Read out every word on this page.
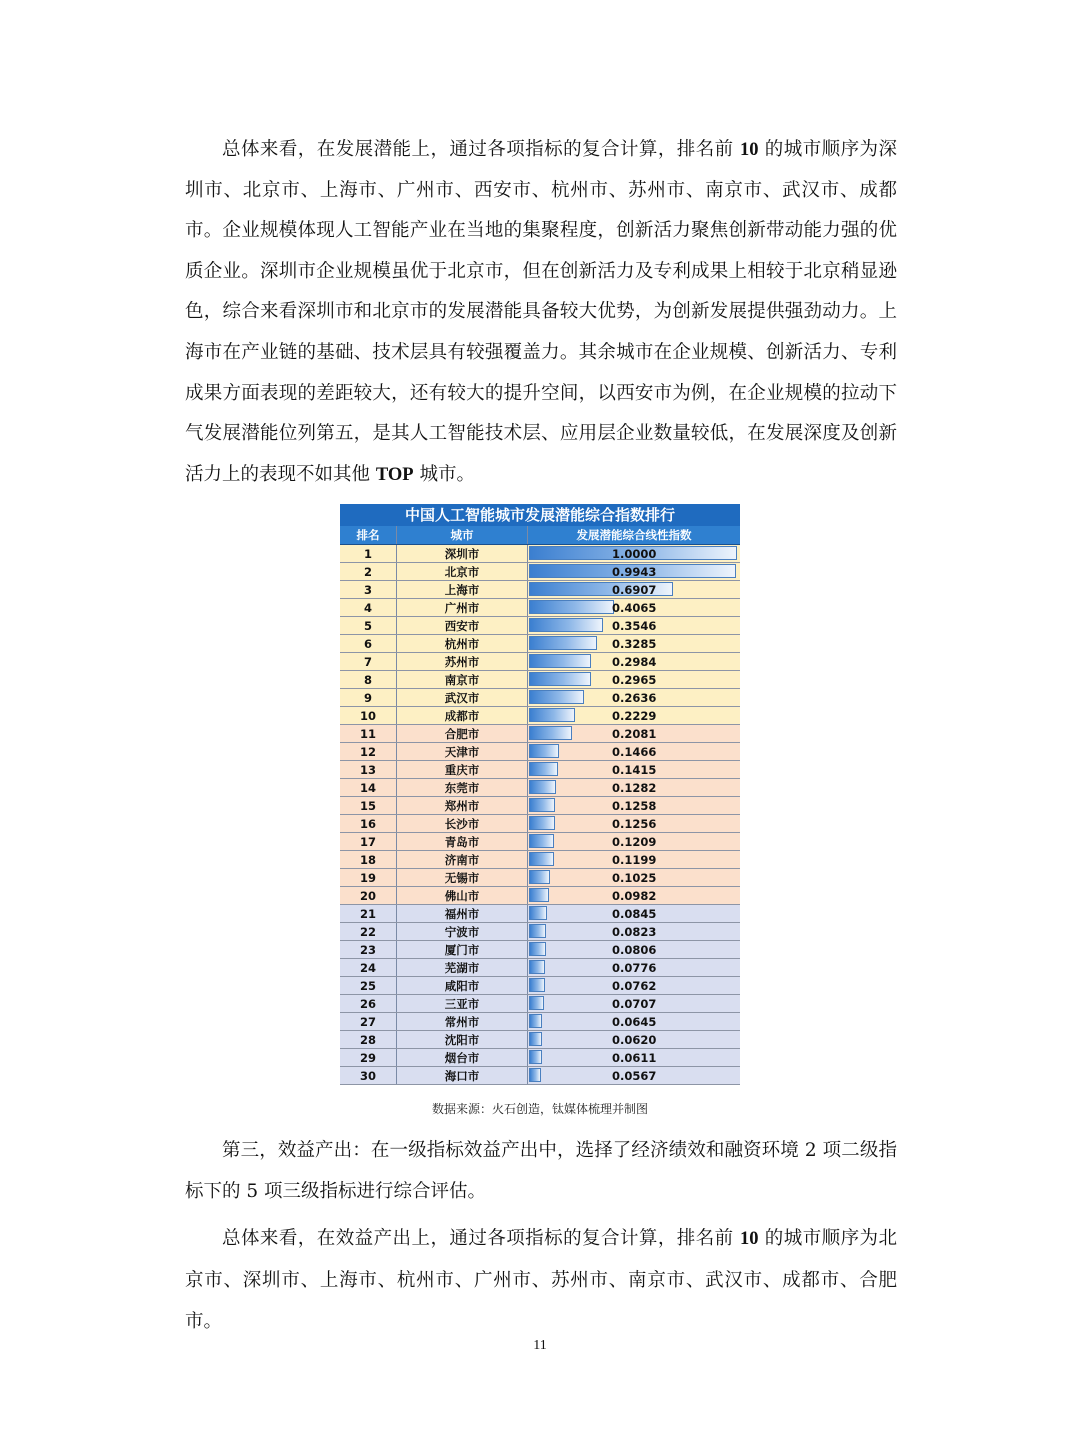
总体来看，在发展潜能上，通过各项指标的复合计算，排名前 10 的城市顺序为深圳市、北京市、上海市、广州市、西安市、杭州市、苏州市、南京市、武汉市、成都市。企业规模体现人工智能产业在当地的集聚程度，创新活力聚焦创新带动能力强的优质企业。深圳市企业规模虽优于北京市，但在创新活力及专利成果上相较于北京稍显逊色，综合来看深圳市和北京市的发展潜能具备较大优势，为创新发展提供强劲动力。上海市在产业链的基础、技术层具有较强覆盖力。其余城市在企业规模、创新活力、专利成果方面表现的差距较大，还有较大的提升空间，以西安市为例，在企业规模的拉动下气发展潜能位列第五，是其人工智能技术层、应用层企业数量较低，在发展深度及创新活力上的表现不如其他 TOP 城市。

中国人工智能城市发展潜能综合指数排行
排名	城市	发展潜能综合线性指数
1	深圳市	1.0000
2	北京市	0.9943
3	上海市	0.6907
4	广州市	0.4065
5	西安市	0.3546
6	杭州市	0.3285
7	苏州市	0.2984
8	南京市	0.2965
9	武汉市	0.2636
10	成都市	0.2229
11	合肥市	0.2081
12	天津市	0.1466
13	重庆市	0.1415
14	东莞市	0.1282
15	郑州市	0.1258
16	长沙市	0.1256
17	青岛市	0.1209
18	济南市	0.1199
19	无锡市	0.1025
20	佛山市	0.0982
21	福州市	0.0845
22	宁波市	0.0823
23	厦门市	0.0806
24	芜湖市	0.0776
25	咸阳市	0.0762
26	三亚市	0.0707
27	常州市	0.0645
28	沈阳市	0.0620
29	烟台市	0.0611
30	海口市	0.0567
数据来源：火石创造，钛媒体梳理并制图

第三，效益产出：在一级指标效益产出中，选择了经济绩效和融资环境 2 项二级指标下的 5 项三级指标进行综合评估。

总体来看，在效益产出上，通过各项指标的复合计算，排名前 10 的城市顺序为北京市、深圳市、上海市、杭州市、广州市、苏州市、南京市、武汉市、成都市、合肥市。

11
